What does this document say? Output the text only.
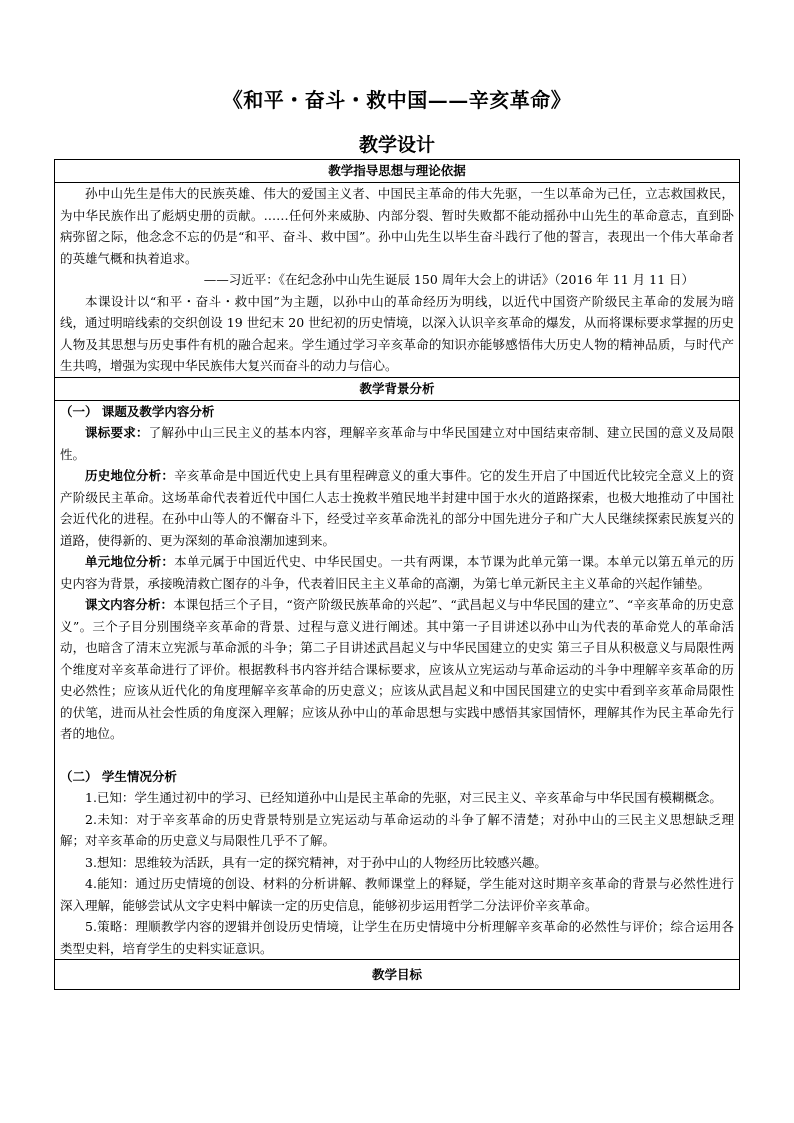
《和平・奋斗・救中国——辛亥革命》
教学设计
教学指导思想与理论依据

孙中山先生是伟大的民族英雄、伟大的爱国主义者、中国民主革命的伟大先驱，一生以革命为己任，立志救国救民，为中华民族作出了彪炳史册的贡献。……任何外来威胁、内部分裂、暂时失败都不能动摇孙中山先生的革命意志，直到卧病弥留之际，他念念不忘的仍是“和平、奋斗、救中国”。孙中山先生以毕生奋斗践行了他的誓言，表现出一个伟大革命者的英雄气概和执着追求。

——习近平：《在纪念孙中山先生诞辰 150 周年大会上的讲话》（2016 年 11 月 11 日）

本课设计以“和平・奋斗・救中国”为主题，以孙中山的革命经历为明线，以近代中国资产阶级民主革命的发展为暗线，通过明暗线索的交织创设 19 世纪末 20 世纪初的历史情境，以深入认识辛亥革命的爆发，从而将课标要求掌握的历史人物及其思想与历史事件有机的融合起来。学生通过学习辛亥革命的知识亦能够感悟伟大历史人物的精神品质，与时代产生共鸣，增强为实现中华民族伟大复兴而奋斗的动力与信心。

教学背景分析

（一） 课题及教学内容分析

课标要求：了解孙中山三民主义的基本内容，理解辛亥革命与中华民国建立对中国结束帝制、建立民国的意义及局限性。

历史地位分析：辛亥革命是中国近代史上具有里程碑意义的重大事件。它的发生开启了中国近代比较完全意义上的资产阶级民主革命。这场革命代表着近代中国仁人志士挽救半殖民地半封建中国于水火的道路探索，也极大地推动了中国社会近代化的进程。在孙中山等人的不懈奋斗下，经受过辛亥革命洗礼的部分中国先进分子和广大人民继续探索民族复兴的道路，使得新的、更为深刻的革命浪潮加速到来。

单元地位分析：本单元属于中国近代史、中华民国史。一共有两课，本节课为此单元第一课。本单元以第五单元的历史内容为背景，承接晚清救亡图存的斗争，代表着旧民主主义革命的高潮，为第七单元新民主主义革命的兴起作铺垫。

课文内容分析：本课包括三个子目，“资产阶级民族革命的兴起”、“武昌起义与中华民国的建立”、“辛亥革命的历史意义”。三个子目分别围绕辛亥革命的背景、过程与意义进行阐述。其中第一子目讲述以孙中山为代表的革命党人的革命活动，也暗含了清末立宪派与革命派的斗争；第二子目讲述武昌起义与中华民国建立的史实 第三子目从积极意义与局限性两个维度对辛亥革命进行了评价。根据教科书内容并结合课标要求，应该从立宪运动与革命运动的斗争中理解辛亥革命的历史必然性；应该从近代化的角度理解辛亥革命的历史意义；应该从武昌起义和中国民国建立的史实中看到辛亥革命局限性的伏笔，进而从社会性质的角度深入理解；应该从孙中山的革命思想与实践中感悟其家国情怀，理解其作为民主革命先行者的地位。

（二） 学生情况分析

1.已知：学生通过初中的学习、已经知道孙中山是民主革命的先驱，对三民主义、辛亥革命与中华民国有模糊概念。

2.未知：对于辛亥革命的历史背景特别是立宪运动与革命运动的斗争了解不清楚；对孙中山的三民主义思想缺乏理解；对辛亥革命的历史意义与局限性几乎不了解。

3.想知：思维较为活跃，具有一定的探究精神，对于孙中山的人物经历比较感兴趣。

4.能知：通过历史情境的创设、材料的分析讲解、教师课堂上的释疑，学生能对这时期辛亥革命的背景与必然性进行深入理解，能够尝试从文字史料中解读一定的历史信息，能够初步运用哲学二分法评价辛亥革命。

5.策略：理顺教学内容的逻辑并创设历史情境，让学生在历史情境中分析理解辛亥革命的必然性与评价；综合运用各类型史料，培育学生的史料实证意识。

教学目标
